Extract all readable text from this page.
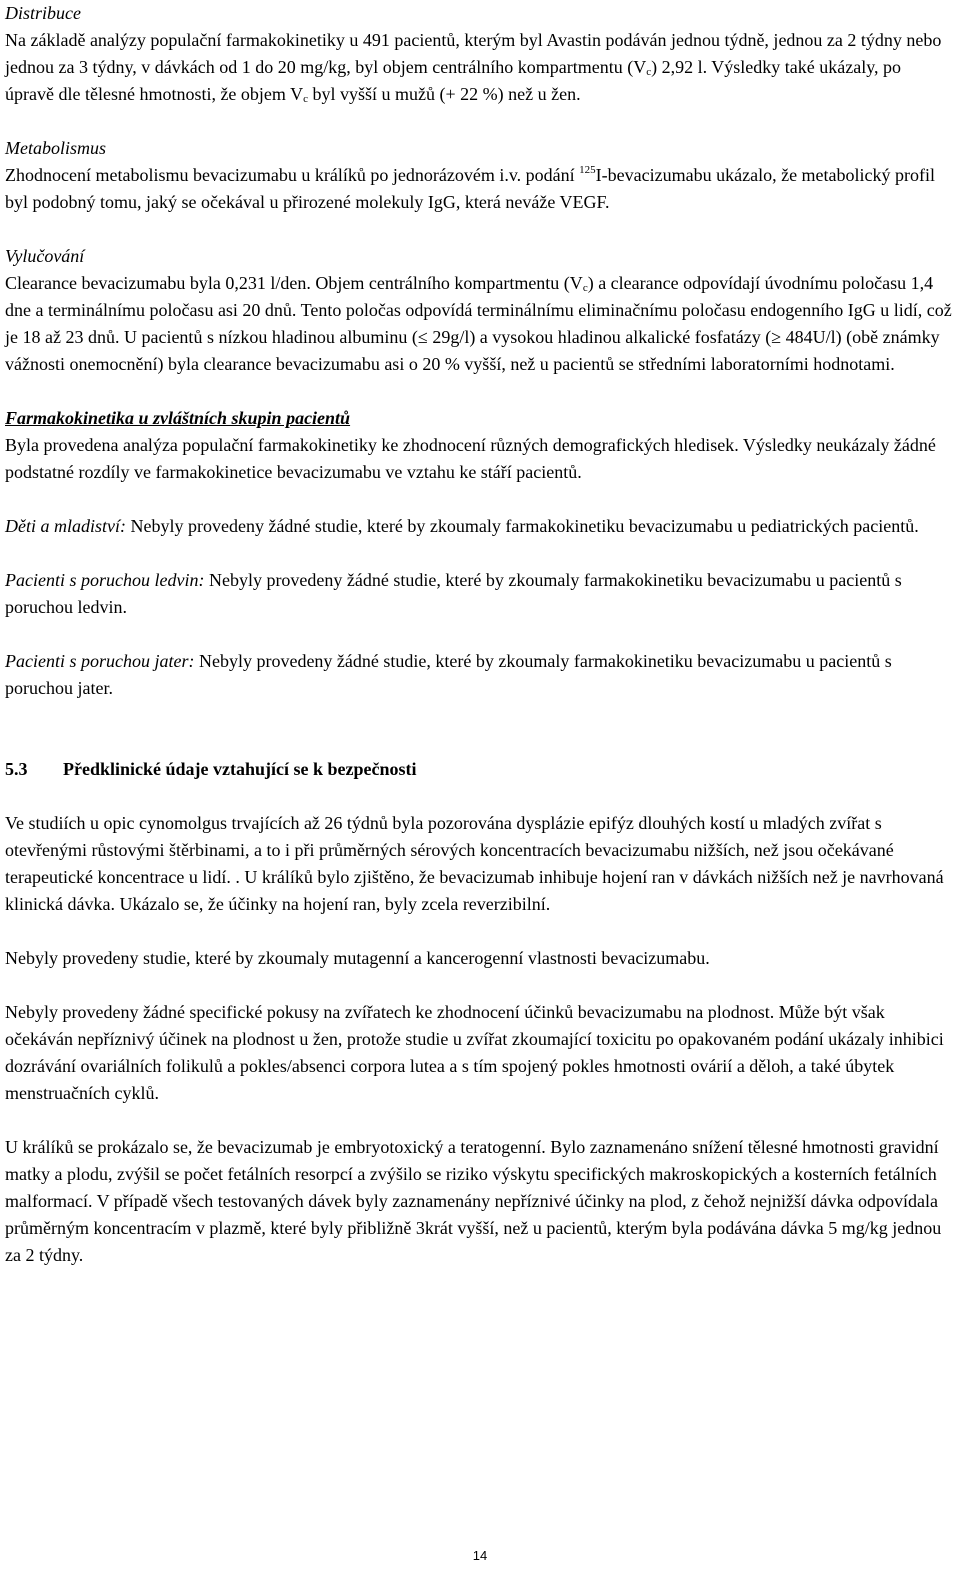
Distribuce

Na základě analýzy populační farmakokinetiky u 491 pacientů, kterým byl Avastin podáván jednou týdně, jednou za 2 týdny nebo jednou za 3 týdny, v dávkách od 1 do 20 mg/kg, byl objem centrálního kompartmentu $(V_c)$ 2,92 l. Výsledky také ukázaly, po úpravě dle tělesné hmotnosti, že objem $V_c$ byl vyšší u mužů (+ 22 %) než u žen.

Metabolismus

Zhodnocení metabolismu bevacizumabu u králíků po jednorázovém i.v. podání $^{125}$I-bevacizumabu ukázalo, že metabolický profil byl podobný tomu, jaký se očekával u přirozené molekuly IgG, která neváže VEGF.

Vylučování

Clearance bevacizumabu byla 0,231 l/den. Objem centrálního kompartmentu $(V_c)$ a clearance odpovídají úvodnímu poločasu 1,4 dne a terminálnímu poločasu asi 20 dnů. Tento poločas odpovídá terminálnímu eliminačnímu poločasu endogenního IgG u lidí, což je 18 až 23 dnů. U pacientů s nízkou hladinou albuminu (≤ 29g/l) a vysokou hladinou alkalické fosfatázy (≥ 484U/l) (obě známky vážnosti onemocnění) byla clearance bevacizumabu asi o 20 % vyšší, než u pacientů se středními laboratorními hodnotami.

Farmakokinetika u zvláštních skupin pacientů

Byla provedena analýza populační farmakokinetiky ke zhodnocení různých demografických hledisek. Výsledky neukázaly žádné podstatné rozdíly ve farmakokinetice bevacizumabu ve vztahu ke stáří pacientů.

Děti a mladiství: Nebyly provedeny žádné studie, které by zkoumaly farmakokinetiku bevacizumabu u pediatrických pacientů.

Pacienti s poruchou ledvin: Nebyly provedeny žádné studie, které by zkoumaly farmakokinetiku bevacizumabu u pacientů s poruchou ledvin.

Pacienti s poruchou jater: Nebyly provedeny žádné studie, které by zkoumaly farmakokinetiku bevacizumabu u pacientů s poruchou jater.

5.3 Předklinické údaje vztahující se k bezpečnosti

Ve studiích u opic cynomolgus trvajících až 26 týdnů byla pozorována dysplázie epifýz dlouhých kostí u mladých zvířat s otevřenými růstovými štěrbinami, a to i při průměrných sérových koncentracích bevacizumabu nižších, než jsou očekávané terapeutické koncentrace u lidí. . U králíků bylo zjištěno, že bevacizumab inhibuje hojení ran v dávkách nižších než je navrhovaná klinická dávka. Ukázalo se, že účinky na hojení ran, byly zcela reverzibilní.

Nebyly provedeny studie, které by zkoumaly mutagenní a kancerogenní vlastnosti bevacizumabu.

Nebyly provedeny žádné specifické pokusy na zvířatech ke zhodnocení účinků bevacizumabu na plodnost. Může být však očekáván nepříznivý účinek na plodnost u žen, protože studie u zvířat zkoumající toxicitu po opakovaném podání ukázaly inhibici dozrávání ovariálních folikulů a pokles/absenci corpora lutea a s tím spojený pokles hmotnosti ovárií a děloh, a také úbytek menstruačních cyklů.

U králíků se prokázalo se, že bevacizumab je embryotoxický a teratogenní. Bylo zaznamenáno snížení tělesné hmotnosti gravidní matky a plodu, zvýšil se počet fetálních resorpcí a zvýšilo se riziko výskytu specifických makroskopických a kosterních fetálních malformací. V případě všech testovaných dávek byly zaznamenány nepříznivé účinky na plod, z čehož nejnižší dávka odpovídala průměrným koncentracím v plazmě, které byly přibližně 3krát vyšší, než u pacientů, kterým byla podávána dávka 5 mg/kg jednou za 2 týdny.

14
